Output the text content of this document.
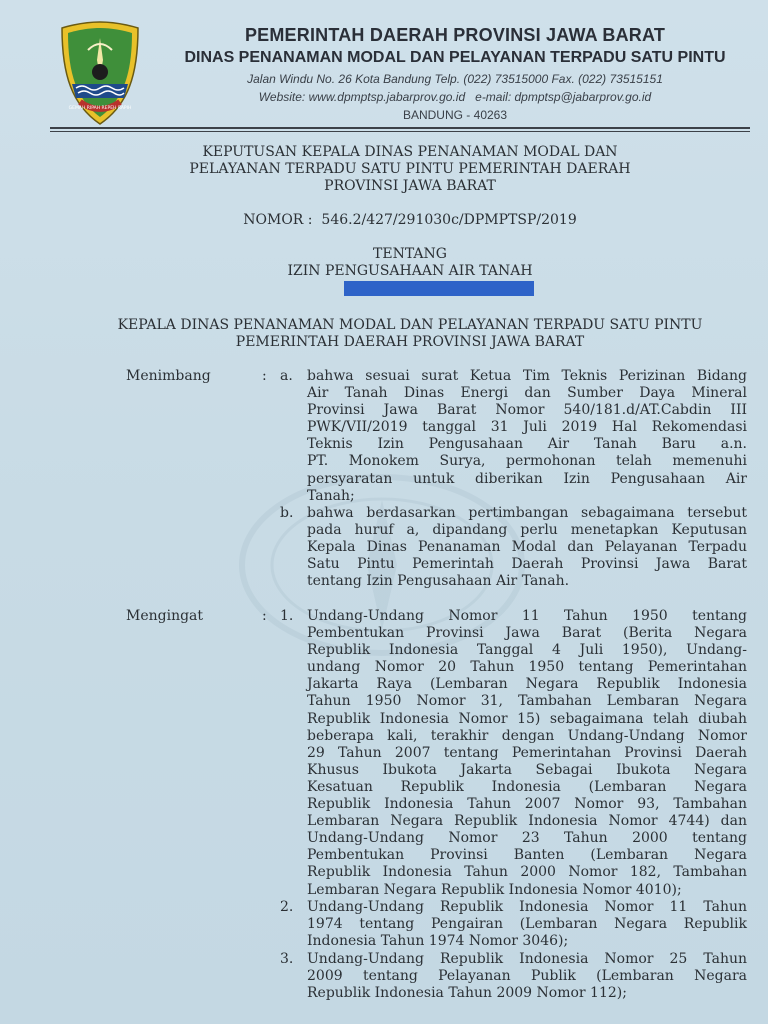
GEMAH RIPAH REPEH RAPIH
PEMERINTAH DAERAH PROVINSI JAWA BARAT
DINAS PENANAMAN MODAL DAN PELAYANAN TERPADU SATU PINTU
Jalan Windu No. 26 Kota Bandung Telp. (022) 73515000 Fax. (022) 73515151
Website: www.dpmptsp.jabarprov.go.id e-mail: dpmptsp@jabarprov.go.id
BANDUNG - 40263
KEPUTUSAN KEPALA DINAS PENANAMAN MODAL DAN
PELAYANAN TERPADU SATU PINTU PEMERINTAH DAERAH
PROVINSI JAWA BARAT
NOMOR : 546.2/427/291030c/DPMPTSP/2019
TENTANG
IZIN PENGUSAHAAN AIR TANAH
KEPALA DINAS PENANAMAN MODAL DAN PELAYANAN TERPADU SATU PINTU
PEMERINTAH DAERAH PROVINSI JAWA BARAT
Menimbang	: a.	bahwa sesuai surat Ketua Tim Teknis Perizinan Bidang
Air Tanah Dinas Energi dan Sumber Daya Mineral
Provinsi Jawa Barat Nomor 540/181.d/AT.Cabdin III
PWK/VII/2019 tanggal 31 Juli 2019 Hal Rekomendasi
Teknis Izin Pengusahaan Air Tanah Baru a.n.
PT. Monokem Surya, permohonan telah memenuhi
persyaratan untuk diberikan Izin Pengusahaan Air
Tanah;
b. bahwa berdasarkan pertimbangan sebagaimana tersebut
pada huruf a, dipandang perlu menetapkan Keputusan
Kepala Dinas Penanaman Modal dan Pelayanan Terpadu
Satu Pintu Pemerintah Daerah Provinsi Jawa Barat
tentang Izin Pengusahaan Air Tanah.
Mengingat	: 1. Undang-Undang Nomor 11 Tahun 1950 tentang
Pembentukan Provinsi Jawa Barat (Berita Negara
Republik Indonesia Tanggal 4 Juli 1950), Undang-
undang Nomor 20 Tahun 1950 tentang Pemerintahan
Jakarta Raya (Lembaran Negara Republik Indonesia
Tahun 1950 Nomor 31, Tambahan Lembaran Negara
Republik Indonesia Nomor 15) sebagaimana telah diubah
beberapa kali, terakhir dengan Undang-Undang Nomor
29 Tahun 2007 tentang Pemerintahan Provinsi Daerah
Khusus Ibukota Jakarta Sebagai Ibukota Negara
Kesatuan Republik Indonesia (Lembaran Negara
Republik Indonesia Tahun 2007 Nomor 93, Tambahan
Lembaran Negara Republik Indonesia Nomor 4744) dan
Undang-Undang Nomor 23 Tahun 2000 tentang
Pembentukan Provinsi Banten (Lembaran Negara
Republik Indonesia Tahun 2000 Nomor 182, Tambahan
Lembaran Negara Republik Indonesia Nomor 4010);
2. Undang-Undang Republik Indonesia Nomor 11 Tahun
1974 tentang Pengairan (Lembaran Negara Republik
Indonesia Tahun 1974 Nomor 3046);
3. Undang-Undang Republik Indonesia Nomor 25 Tahun
2009 tentang Pelayanan Publik (Lembaran Negara
Republik Indonesia Tahun 2009 Nomor 112);
